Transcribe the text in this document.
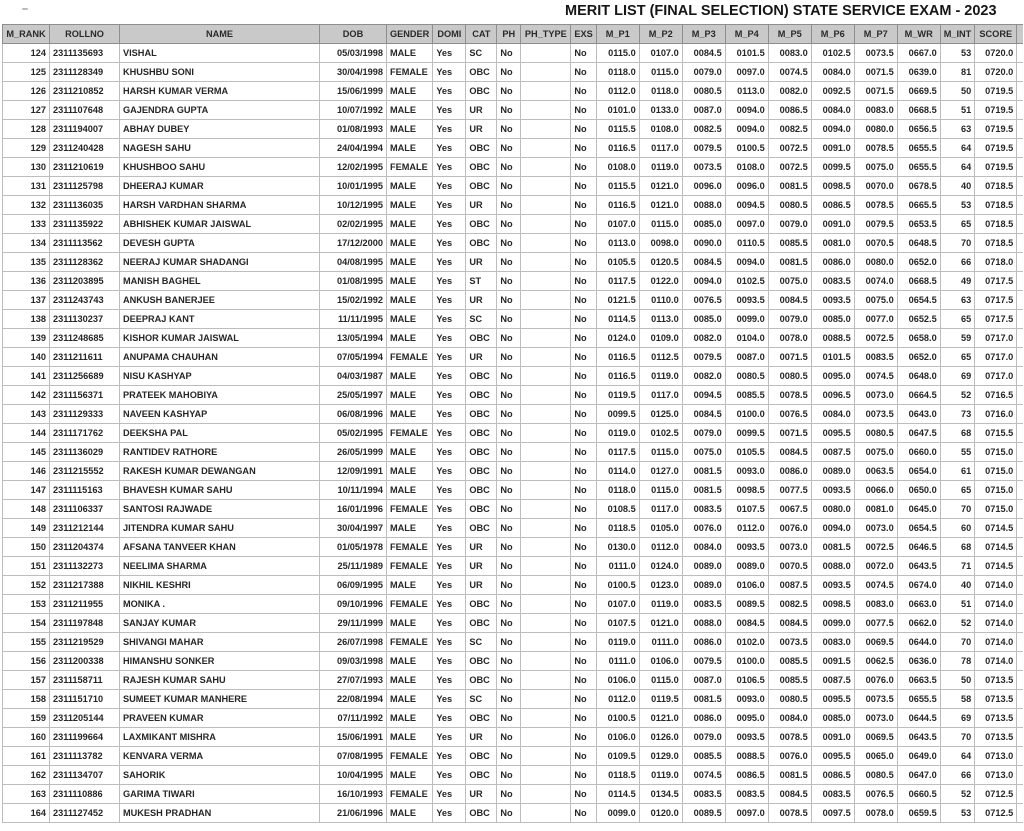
MERIT LIST (FINAL SELECTION) STATE SERVICE EXAM - 2023
M_RANK	ROLLNO	NAME	DOB	GENDER	DOMI	CAT	PH	PH_TYPE	EXS	M_P1	M_P2	M_P3	M_P4	M_P5	M_P6	M_P7	M_WR	M_INT	SCORE	
124	2311135693	VISHAL	05/03/1998	MALE	Yes	SC	No		No	0115.0	0107.0	0084.5	0101.5	0083.0	0102.5	0073.5	0667.0	53	0720.0	
125	2311128349	KHUSHBU SONI	30/04/1998	FEMALE	Yes	OBC	No		No	0118.0	0115.0	0079.0	0097.0	0074.5	0084.0	0071.5	0639.0	81	0720.0	
126	2311210852	HARSH KUMAR VERMA	15/06/1999	MALE	Yes	OBC	No		No	0112.0	0118.0	0080.5	0113.0	0082.0	0092.5	0071.5	0669.5	50	0719.5	
127	2311107648	GAJENDRA GUPTA	10/07/1992	MALE	Yes	UR	No		No	0101.0	0133.0	0087.0	0094.0	0086.5	0084.0	0083.0	0668.5	51	0719.5	
128	2311194007	ABHAY DUBEY	01/08/1993	MALE	Yes	UR	No		No	0115.5	0108.0	0082.5	0094.0	0082.5	0094.0	0080.0	0656.5	63	0719.5	
129	2311240428	NAGESH SAHU	24/04/1994	MALE	Yes	OBC	No		No	0116.5	0117.0	0079.5	0100.5	0072.5	0091.0	0078.5	0655.5	64	0719.5	
130	2311210619	KHUSHBOO SAHU	12/02/1995	FEMALE	Yes	OBC	No		No	0108.0	0119.0	0073.5	0108.0	0072.5	0099.5	0075.0	0655.5	64	0719.5	
131	2311125798	DHEERAJ KUMAR	10/01/1995	MALE	Yes	OBC	No		No	0115.5	0121.0	0096.0	0096.0	0081.5	0098.5	0070.0	0678.5	40	0718.5	
132	2311136035	HARSH VARDHAN SHARMA	10/12/1995	MALE	Yes	UR	No		No	0116.5	0121.0	0088.0	0094.5	0080.5	0086.5	0078.5	0665.5	53	0718.5	
133	2311135922	ABHISHEK KUMAR JAISWAL	02/02/1995	MALE	Yes	OBC	No		No	0107.0	0115.0	0085.0	0097.0	0079.0	0091.0	0079.5	0653.5	65	0718.5	
134	2311113562	DEVESH GUPTA	17/12/2000	MALE	Yes	OBC	No		No	0113.0	0098.0	0090.0	0110.5	0085.5	0081.0	0070.5	0648.5	70	0718.5	
135	2311128362	NEERAJ KUMAR SHADANGI	04/08/1995	MALE	Yes	UR	No		No	0105.5	0120.5	0084.5	0094.0	0081.5	0086.0	0080.0	0652.0	66	0718.0	
136	2311203895	MANISH BAGHEL	01/08/1995	MALE	Yes	ST	No		No	0117.5	0122.0	0094.0	0102.5	0075.0	0083.5	0074.0	0668.5	49	0717.5	
137	2311243743	ANKUSH BANERJEE	15/02/1992	MALE	Yes	UR	No		No	0121.5	0110.0	0076.5	0093.5	0084.5	0093.5	0075.0	0654.5	63	0717.5	
138	2311130237	DEEPRAJ KANT	11/11/1995	MALE	Yes	SC	No		No	0114.5	0113.0	0085.0	0099.0	0079.0	0085.0	0077.0	0652.5	65	0717.5	
139	2311248685	KISHOR KUMAR JAISWAL	13/05/1994	MALE	Yes	OBC	No		No	0124.0	0109.0	0082.0	0104.0	0078.0	0088.5	0072.5	0658.0	59	0717.0	
140	2311211611	ANUPAMA CHAUHAN	07/05/1994	FEMALE	Yes	UR	No		No	0116.5	0112.5	0079.5	0087.0	0071.5	0101.5	0083.5	0652.0	65	0717.0	
141	2311256689	NISU KASHYAP	04/03/1987	MALE	Yes	OBC	No		No	0116.5	0119.0	0082.0	0080.5	0080.5	0095.0	0074.5	0648.0	69	0717.0	
142	2311156371	PRATEEK MAHOBIYA	25/05/1997	MALE	Yes	OBC	No		No	0119.5	0117.0	0094.5	0085.5	0078.5	0096.5	0073.0	0664.5	52	0716.5	
143	2311129333	NAVEEN KASHYAP	06/08/1996	MALE	Yes	OBC	No		No	0099.5	0125.0	0084.5	0100.0	0076.5	0084.0	0073.5	0643.0	73	0716.0	
144	2311171762	DEEKSHA PAL	05/02/1995	FEMALE	Yes	OBC	No		No	0119.0	0102.5	0079.0	0099.5	0071.5	0095.5	0080.5	0647.5	68	0715.5	
145	2311136029	RANTIDEV RATHORE	26/05/1999	MALE	Yes	OBC	No		No	0117.5	0115.0	0075.0	0105.5	0084.5	0087.5	0075.0	0660.0	55	0715.0	
146	2311215552	RAKESH KUMAR DEWANGAN	12/09/1991	MALE	Yes	OBC	No		No	0114.0	0127.0	0081.5	0093.0	0086.0	0089.0	0063.5	0654.0	61	0715.0	
147	2311115163	BHAVESH KUMAR SAHU	10/11/1994	MALE	Yes	OBC	No		No	0118.0	0115.0	0081.5	0098.5	0077.5	0093.5	0066.0	0650.0	65	0715.0	
148	2311106337	SANTOSI RAJWADE	16/01/1996	FEMALE	Yes	OBC	No		No	0108.5	0117.0	0083.5	0107.5	0067.5	0080.0	0081.0	0645.0	70	0715.0	
149	2311212144	JITENDRA KUMAR SAHU	30/04/1997	MALE	Yes	OBC	No		No	0118.5	0105.0	0076.0	0112.0	0076.0	0094.0	0073.0	0654.5	60	0714.5	
150	2311204374	AFSANA TANVEER KHAN	01/05/1978	FEMALE	Yes	UR	No		No	0130.0	0112.0	0084.0	0093.5	0073.0	0081.5	0072.5	0646.5	68	0714.5	
151	2311132273	NEELIMA SHARMA	25/11/1989	FEMALE	Yes	UR	No		No	0111.0	0124.0	0089.0	0089.0	0070.5	0088.0	0072.0	0643.5	71	0714.5	
152	2311217388	NIKHIL KESHRI	06/09/1995	MALE	Yes	UR	No		No	0100.5	0123.0	0089.0	0106.0	0087.5	0093.5	0074.5	0674.0	40	0714.0	
153	2311211955	MONIKA .	09/10/1996	FEMALE	Yes	OBC	No		No	0107.0	0119.0	0083.5	0089.5	0082.5	0098.5	0083.0	0663.0	51	0714.0	
154	2311197848	SANJAY KUMAR	29/11/1999	MALE	Yes	OBC	No		No	0107.5	0121.0	0088.0	0084.5	0084.5	0099.0	0077.5	0662.0	52	0714.0	
155	2311219529	SHIVANGI MAHAR	26/07/1998	FEMALE	Yes	SC	No		No	0119.0	0111.0	0086.0	0102.0	0073.5	0083.0	0069.5	0644.0	70	0714.0	
156	2311200338	HIMANSHU SONKER	09/03/1998	MALE	Yes	OBC	No		No	0111.0	0106.0	0079.5	0100.0	0085.5	0091.5	0062.5	0636.0	78	0714.0	
157	2311158711	RAJESH KUMAR SAHU	27/07/1993	MALE	Yes	OBC	No		No	0106.0	0115.0	0087.0	0106.5	0085.5	0087.5	0076.0	0663.5	50	0713.5	
158	2311151710	SUMEET KUMAR MANHERE	22/08/1994	MALE	Yes	SC	No		No	0112.0	0119.5	0081.5	0093.0	0080.5	0095.5	0073.5	0655.5	58	0713.5	
159	2311205144	PRAVEEN KUMAR	07/11/1992	MALE	Yes	OBC	No		No	0100.5	0121.0	0086.0	0095.0	0084.0	0085.0	0073.0	0644.5	69	0713.5	
160	2311199664	LAXMIKANT MISHRA	15/06/1991	MALE	Yes	UR	No		No	0106.0	0126.0	0079.0	0093.5	0078.5	0091.0	0069.5	0643.5	70	0713.5	
161	2311113782	KENVARA VERMA	07/08/1995	FEMALE	Yes	OBC	No		No	0109.5	0129.0	0085.5	0088.5	0076.0	0095.5	0065.0	0649.0	64	0713.0	
162	2311134707	SAHORIK	10/04/1995	MALE	Yes	OBC	No		No	0118.5	0119.0	0074.5	0086.5	0081.5	0086.5	0080.5	0647.0	66	0713.0	
163	2311110886	GARIMA TIWARI	16/10/1993	FEMALE	Yes	UR	No		No	0114.5	0134.5	0083.5	0083.5	0084.5	0083.5	0076.5	0660.5	52	0712.5	
164	2311127452	MUKESH PRADHAN	21/06/1996	MALE	Yes	OBC	No		No	0099.0	0120.0	0089.5	0097.0	0078.5	0097.5	0078.0	0659.5	53	0712.5	
